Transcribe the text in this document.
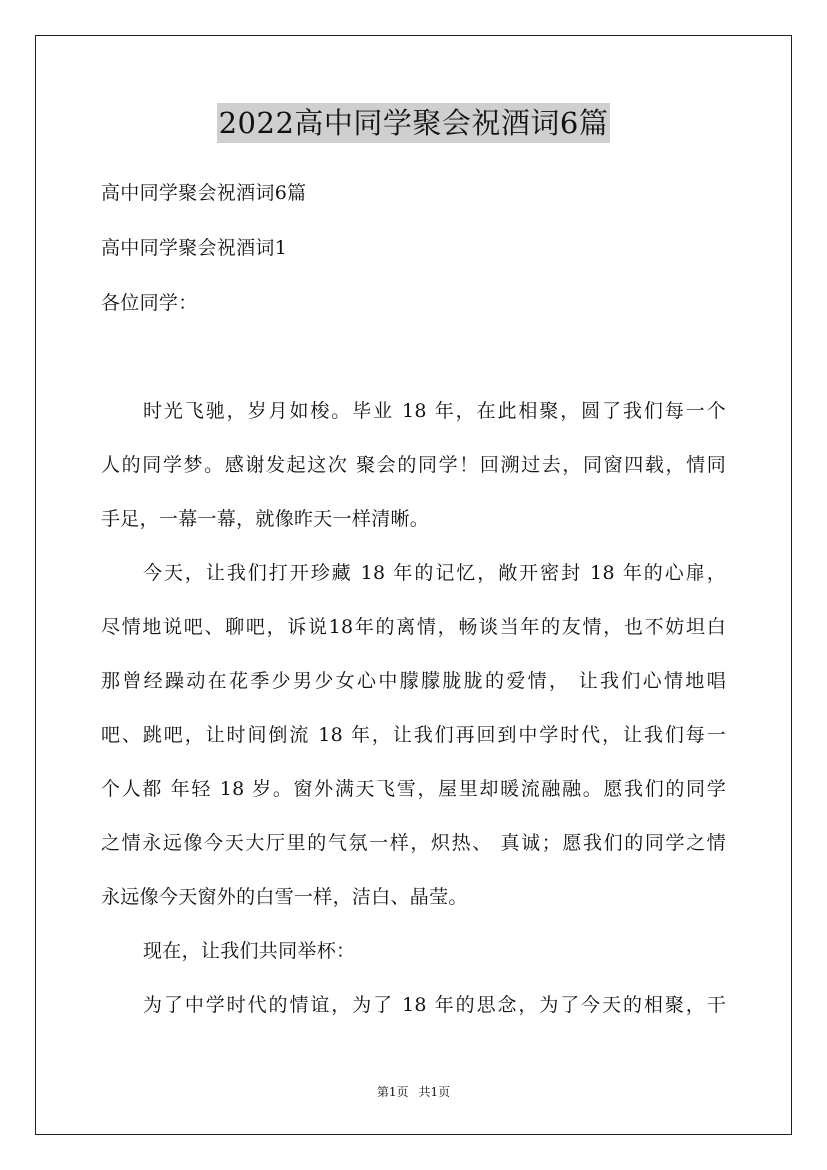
2022高中同学聚会祝酒词6篇
高中同学聚会祝酒词6篇
高中同学聚会祝酒词1
各位同学：
时光飞驰，岁月如梭。毕业 18 年，在此相聚，圆了我们每一个
人的同学梦。感谢发起这次 聚会的同学！回溯过去，同窗四载，情同
手足，一幕一幕，就像昨天一样清晰。
今天，让我们打开珍藏 18 年的记忆，敞开密封 18 年的心扉，
尽情地说吧、聊吧，诉说18年的离情，畅谈当年的友情，也不妨坦白
那曾经躁动在花季少男少女心中朦朦胧胧的爱情， 让我们心情地唱
吧、跳吧，让时间倒流 18 年，让我们再回到中学时代，让我们每一
个人都 年轻 18 岁。窗外满天飞雪，屋里却暖流融融。愿我们的同学
之情永远像今天大厅里的气氛一样，炽热、 真诚；愿我们的同学之情
永远像今天窗外的白雪一样，洁白、晶莹。
现在，让我们共同举杯：
为了中学时代的情谊，为了 18 年的思念，为了今天的相聚，干
第1页 共1页
